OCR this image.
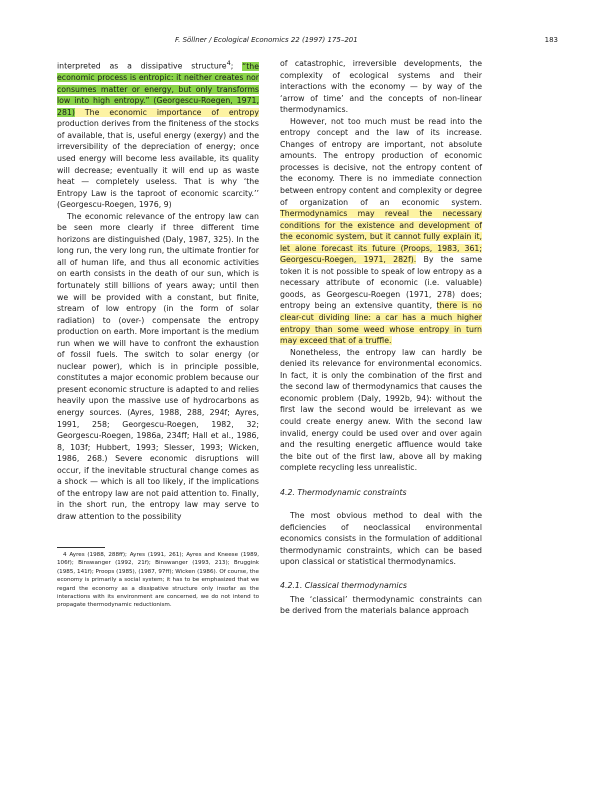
F. Söllner / Ecological Economics 22 (1997) 175–201	183

interpreted as a dissipative structure$^4$; “the economic process is entropic: it neither creates nor consumes matter or energy, but only transforms low into high entropy.” (Georgescu-Roegen, 1971, 281) The economic importance of entropy production derives from the finiteness of the stocks of available, that is, useful energy (exergy) and the irreversibility of the depreciation of energy; once used energy will become less available, its quality will decrease; eventually it will end up as waste heat — completely useless. That is why ‘the Entropy Law is the taproot of economic scarcity.’’ (Georgescu-Roegen, 1976, 9)

The economic relevance of the entropy law can be seen more clearly if three different time horizons are distinguished (Daly, 1987, 325). In the long run, the very long run, the ultimate frontier for all of human life, and thus all economic activities on earth consists in the death of our sun, which is fortunately still billions of years away; until then we will be provided with a constant, but finite, stream of low entropy (in the form of solar radiation) to (over-) compensate the entropy production on earth. More important is the medium run when we will have to confront the exhaustion of fossil fuels. The switch to solar energy (or nuclear power), which is in principle possible, constitutes a major economic problem because our present economic structure is adapted to and relies heavily upon the massive use of hydrocarbons as energy sources. (Ayres, 1988, 288, 294f; Ayres, 1991, 258; Georgescu-Roegen, 1982, 32; Georgescu-Roegen, 1986a, 234ff; Hall et al., 1986, 8, 103f; Hubbert, 1993; Slesser, 1993; Wicken, 1986, 268.) Severe economic disruptions will occur, if the inevitable structural change comes as a shock — which is all too likely, if the implications of the entropy law are not paid attention to. Finally, in the short run, the entropy law may serve to draw attention to the possibility

4 Ayres (1988, 288ff); Ayres (1991, 261); Ayres and Kneese (1989, 106f); Binswanger (1992, 21f); Binswanger (1993, 213); Bruggink (1985, 141f); Proops (1985), (1987, 97ff); Wicken (1986). Of course, the economy is primarily a social system; it has to be emphasized that we regard the economy as a dissipative structure only insofar as the interactions with its environment are concerned, we do not intend to propagate thermodynamic reductionism.

of catastrophic, irreversible developments, the complexity of ecological systems and their interactions with the economy — by way of the ‘arrow of time’ and the concepts of non-linear thermodynamics.

However, not too much must be read into the entropy concept and the law of its increase. Changes of entropy are important, not absolute amounts. The entropy production of economic processes is decisive, not the entropy content of the economy. There is no immediate connection between entropy content and complexity or degree of organization of an economic system. Thermodynamics may reveal the necessary conditions for the existence and development of the economic system, but it cannot fully explain it, let alone forecast its future (Proops, 1983, 361; Georgescu-Roegen, 1971, 282f). By the same token it is not possible to speak of low entropy as a necessary attribute of economic (i.e. valuable) goods, as Georgescu-Roegen (1971, 278) does; entropy being an extensive quantity, there is no clear-cut dividing line: a car has a much higher entropy than some weed whose entropy in turn may exceed that of a truffle.

Nonetheless, the entropy law can hardly be denied its relevance for environmental economics. In fact, it is only the combination of the first and the second law of thermodynamics that causes the economic problem (Daly, 1992b, 94): without the first law the second would be irrelevant as we could create energy anew. With the second law invalid, energy could be used over and over again and the resulting energetic affluence would take the bite out of the first law, above all by making complete recycling less unrealistic.

4.2. Thermodynamic constraints

The most obvious method to deal with the deficiencies of neoclassical environmental economics consists in the formulation of additional thermodynamic constraints, which can be based upon classical or statistical thermodynamics.

4.2.1. Classical thermodynamics

The ‘classical’ thermodynamic constraints can be derived from the materials balance approach
